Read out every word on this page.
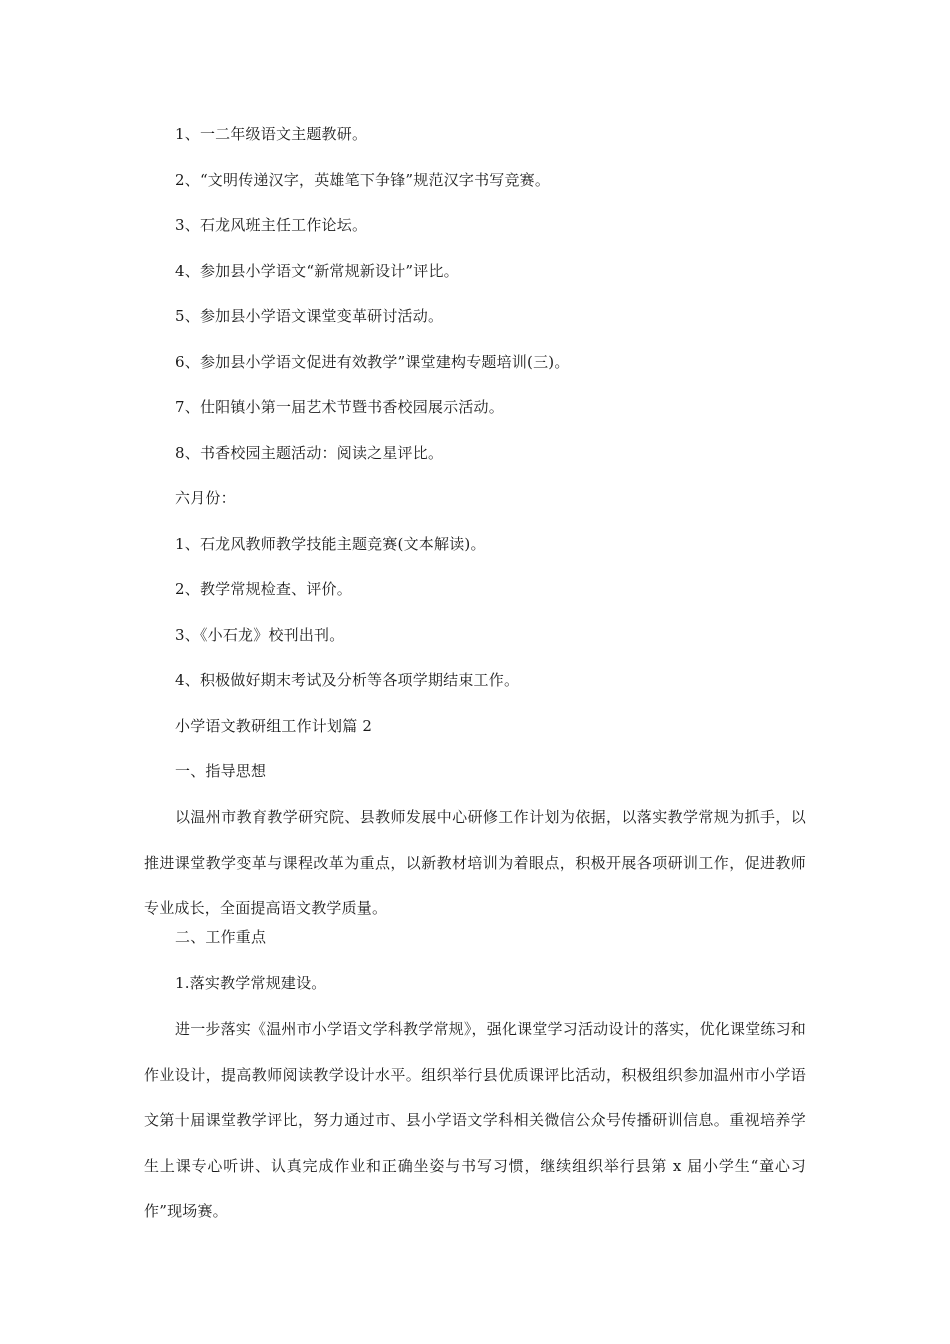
1、一二年级语文主题教研。
2、“文明传递汉字，英雄笔下争锋”规范汉字书写竞赛。
3、石龙风班主任工作论坛。
4、参加县小学语文“新常规新设计”评比。
5、参加县小学语文课堂变革研讨活动。
6、参加县小学语文促进有效教学”课堂建构专题培训(三)。
7、仕阳镇小第一届艺术节暨书香校园展示活动。
8、书香校园主题活动：阅读之星评比。
六月份：
1、石龙风教师教学技能主题竞赛(文本解读)。
2、教学常规检查、评价。
3、《小石龙》校刊出刊。
4、积极做好期末考试及分析等各项学期结束工作。
小学语文教研组工作计划篇 2
一、指导思想
以温州市教育教学研究院、县教师发展中心研修工作计划为依据，以落实教学常规为抓手，以推进课堂教学变革与课程改革为重点，以新教材培训为着眼点，积极开展各项研训工作，促进教师专业成长，全面提高语文教学质量。
二、工作重点
1.落实教学常规建设。
进一步落实《温州市小学语文学科教学常规》，强化课堂学习活动设计的落实，优化课堂练习和作业设计，提高教师阅读教学设计水平。组织举行县优质课评比活动，积极组织参加温州市小学语文第十届课堂教学评比，努力通过市、县小学语文学科相关微信公众号传播研训信息。重视培养学生上课专心听讲、认真完成作业和正确坐姿与书写习惯，继续组织举行县第 x 届小学生“童心习作”现场赛。
